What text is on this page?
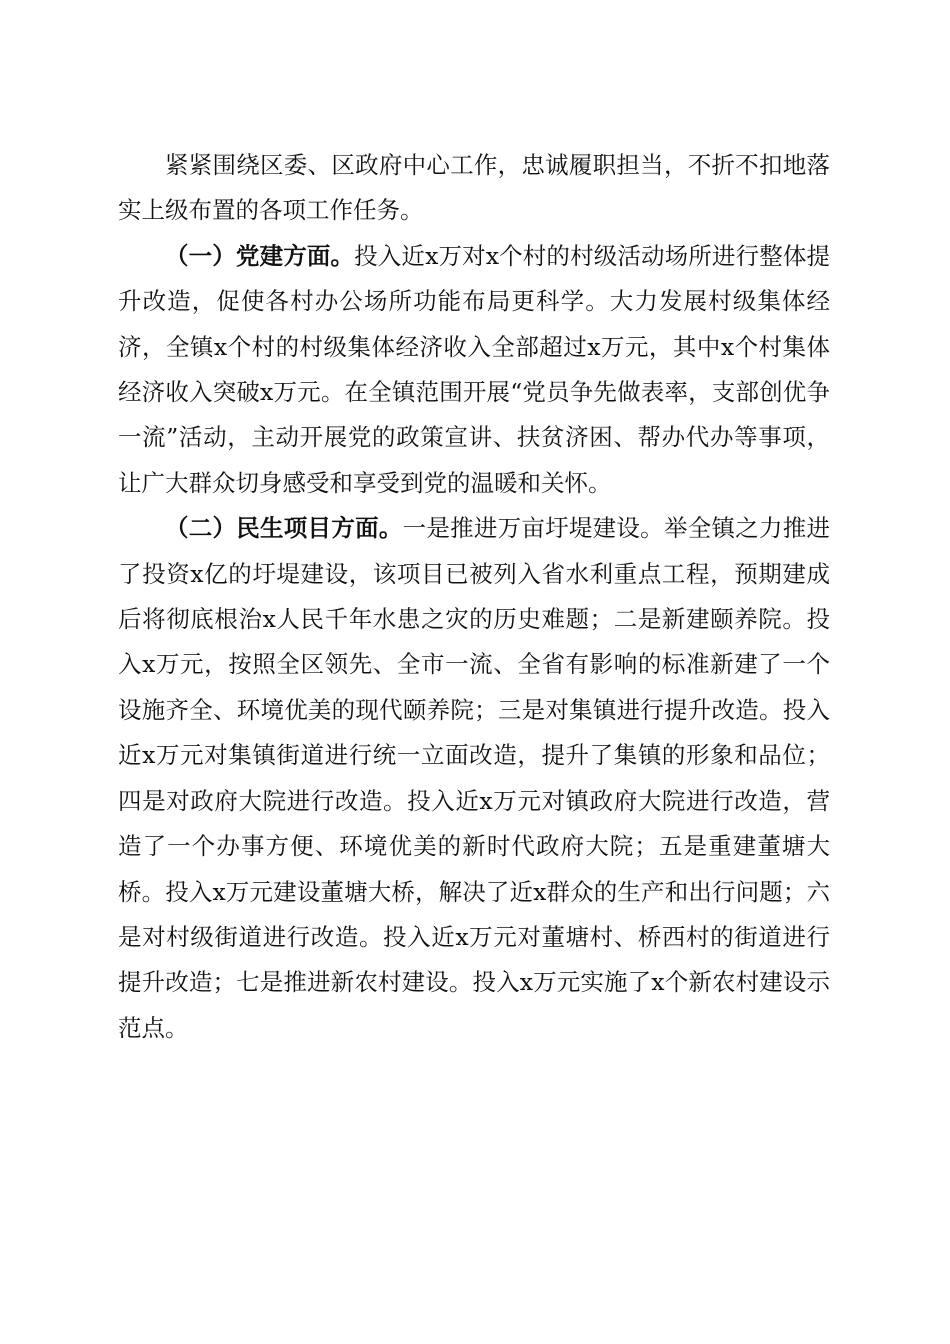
紧紧围绕区委、区政府中心工作，忠诚履职担当，不折不扣地落实上级布置的各项工作任务。

（一）党建方面。投入近x万对x个村的村级活动场所进行整体提升改造，促使各村办公场所功能布局更科学。大力发展村级集体经济，全镇x个村的村级集体经济收入全部超过x万元，其中x个村集体经济收入突破x万元。在全镇范围开展“党员争先做表率，支部创优争一流”活动，主动开展党的政策宣讲、扶贫济困、帮办代办等事项，让广大群众切身感受和享受到党的温暖和关怀。

（二）民生项目方面。一是推进万亩圩堤建设。举全镇之力推进了投资x亿的圩堤建设，该项目已被列入省水利重点工程，预期建成后将彻底根治x人民千年水患之灾的历史难题；二是新建颐养院。投入x万元，按照全区领先、全市一流、全省有影响的标准新建了一个设施齐全、环境优美的现代颐养院；三是对集镇进行提升改造。投入近x万元对集镇街道进行统一立面改造，提升了集镇的形象和品位；四是对政府大院进行改造。投入近x万元对镇政府大院进行改造，营造了一个办事方便、环境优美的新时代政府大院；五是重建董塘大桥。投入x万元建设董塘大桥，解决了近x群众的生产和出行问题；六是对村级街道进行改造。投入近x万元对董塘村、桥西村的街道进行提升改造；七是推进新农村建设。投入x万元实施了x个新农村建设示范点。
